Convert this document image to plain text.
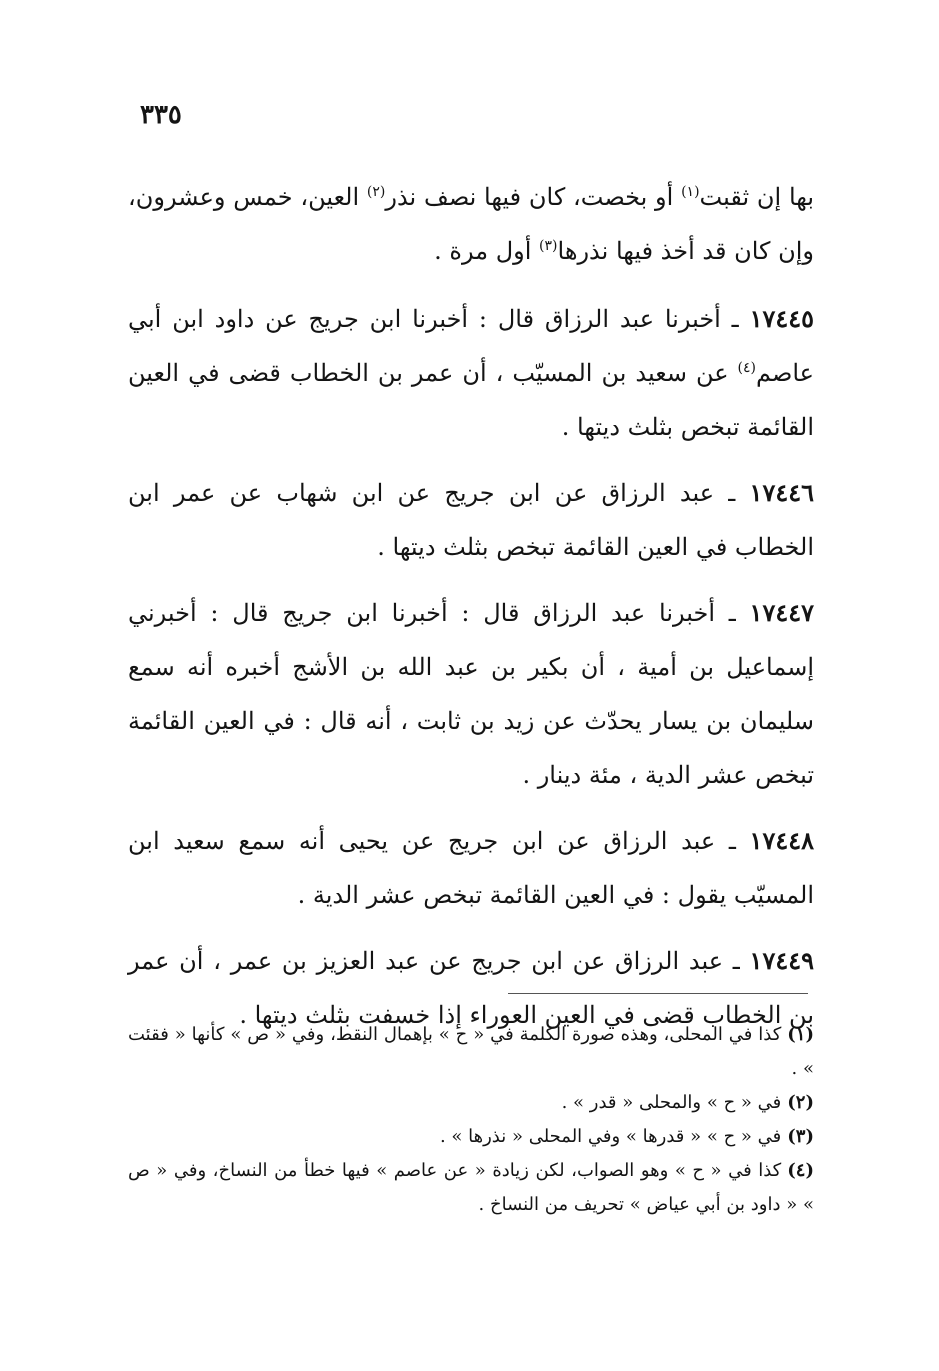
٣٣٥

بها إن ثقبت$^{(١)}$ أو بخصت، كان فيها نصف نذر$^{(٢)}$ العين، خمس وعشرون، وإن كان قد أخذ فيها نذرها$^{(٣)}$ أول مرة .

١٧٤٤٥ ـ أخبرنا عبد الرزاق قال : أخبرنا ابن جريج عن داود ابن أبي عاصم$^{(٤)}$ عن سعيد بن المسيّب ، أن عمر بن الخطاب قضى في العين القائمة تبخص بثلث ديتها .

١٧٤٤٦ ـ عبد الرزاق عن ابن جريج عن ابن شهاب عن عمر ابن الخطاب في العين القائمة تبخص بثلث ديتها .

١٧٤٤٧ ـ أخبرنا عبد الرزاق قال : أخبرنا ابن جريج قال : أخبرني إسماعيل بن أمية ، أن بكير بن عبد الله بن الأشج أخبره أنه سمع سليمان بن يسار يحدّث عن زيد بن ثابت ، أنه قال : في العين القائمة تبخص عشر الدية ، مئة دينار .

١٧٤٤٨ ـ عبد الرزاق عن ابن جريج عن يحيى أنه سمع سعيد ابن المسيّب يقول : في العين القائمة تبخص عشر الدية .

١٧٤٤٩ ـ عبد الرزاق عن ابن جريج عن عبد العزيز بن عمر ، أن عمر بن الخطاب قضى في العين العوراء إذا خسفت بثلث ديتها .

(١)كذا في المحلى، وهذه صورة الكلمة في « ح » بإهمال النقط، وفي « ص » كأنها « فقئت » .

(٢)في « ح » والمحلى « قدر » .

(٣)في « ح » « قدرها » وفي المحلى « نذرها » .

(٤)كذا في « ح » وهو الصواب، لكن زيادة « عن عاصم » فيها خطأ من النساخ، وفي « ص » « داود بن أبي عياض » تحريف من النساخ .
